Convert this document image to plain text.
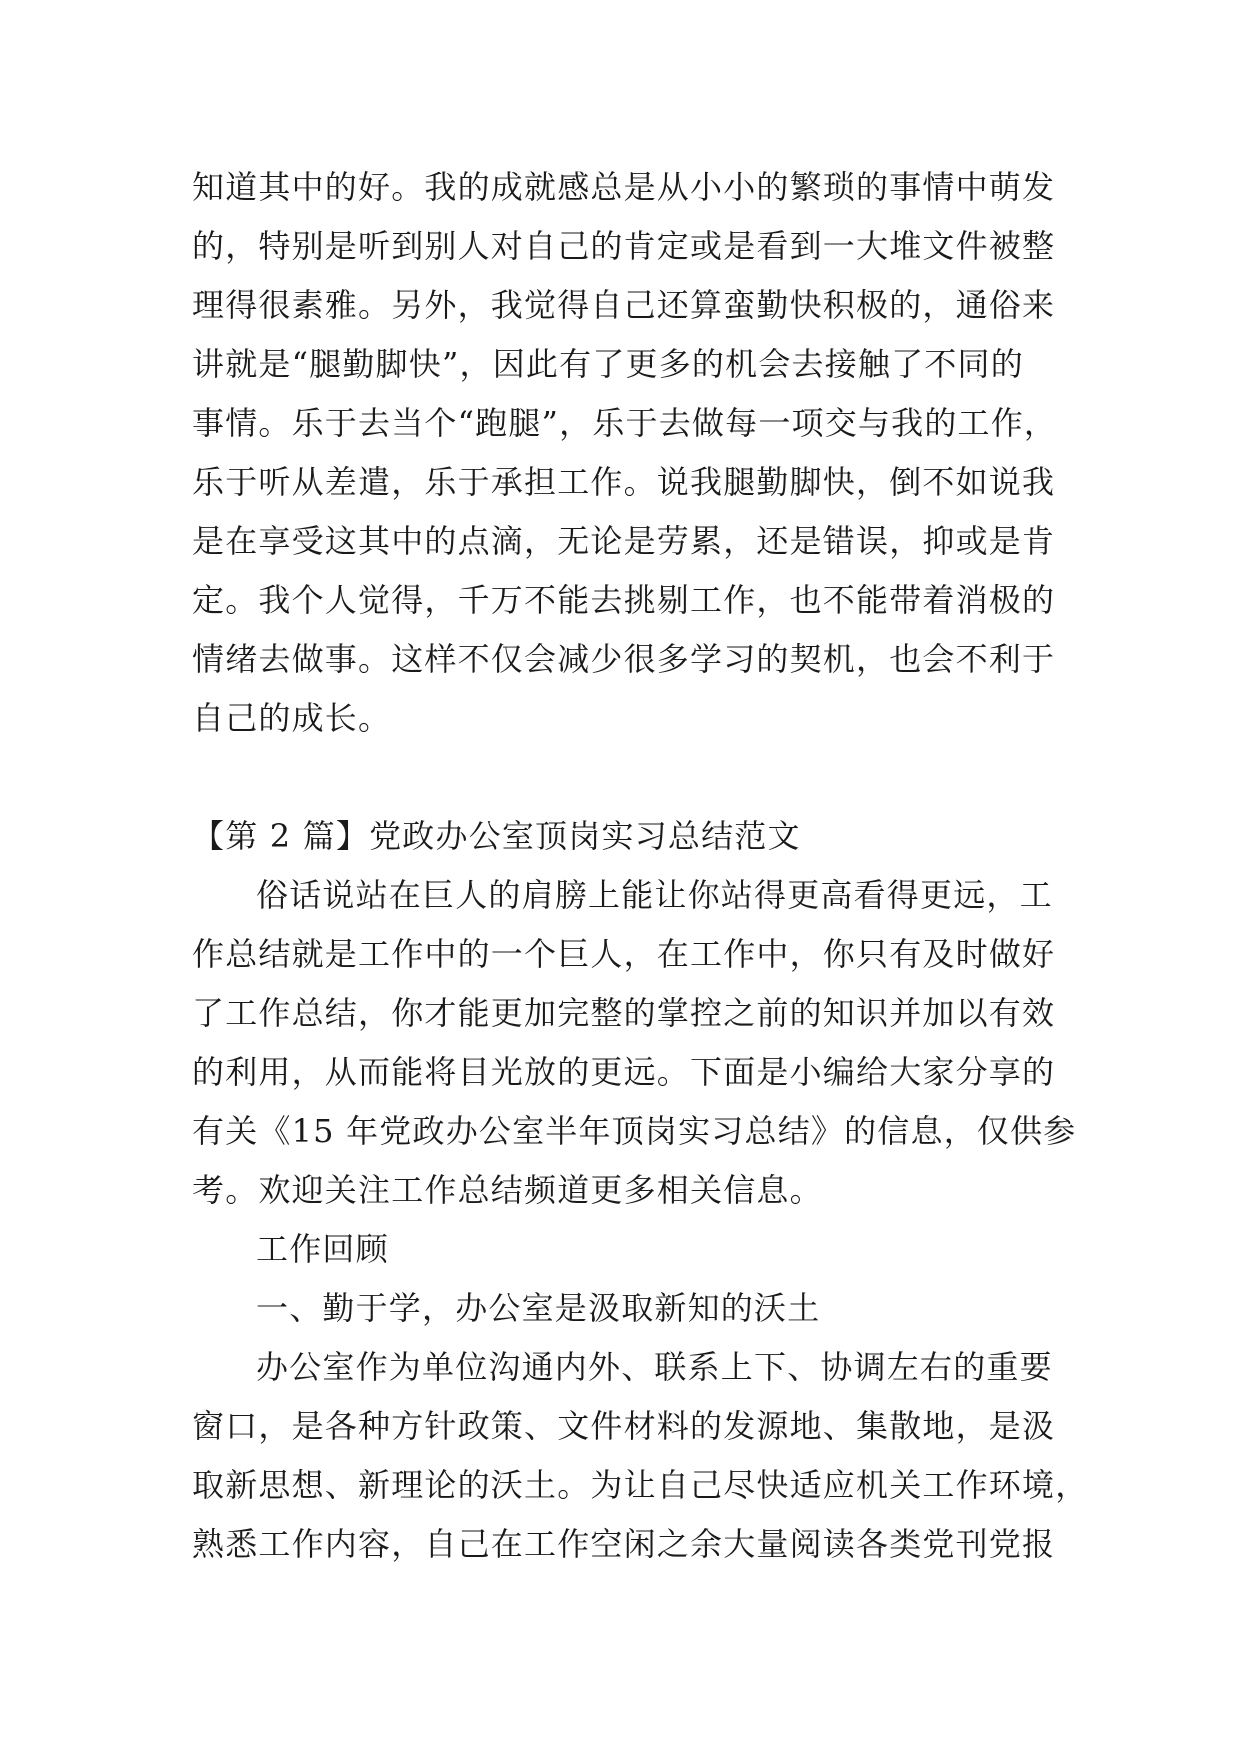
知道其中的好。我的成就感总是从小小的繁琐的事情中萌发
的，特别是听到别人对自己的肯定或是看到一大堆文件被整
理得很素雅。另外，我觉得自己还算蛮勤快积极的，通俗来
讲就是“腿勤脚快”，因此有了更多的机会去接触了不同的
事情。乐于去当个“跑腿”，乐于去做每一项交与我的工作，
乐于听从差遣，乐于承担工作。说我腿勤脚快，倒不如说我
是在享受这其中的点滴，无论是劳累，还是错误，抑或是肯
定。我个人觉得，千万不能去挑剔工作，也不能带着消极的
情绪去做事。这样不仅会减少很多学习的契机，也会不利于
自己的成长。
【第 2 篇】党政办公室顶岗实习总结范文
俗话说站在巨人的肩膀上能让你站得更高看得更远，工
作总结就是工作中的一个巨人，在工作中，你只有及时做好
了工作总结，你才能更加完整的掌控之前的知识并加以有效
的利用，从而能将目光放的更远。下面是小编给大家分享的
有关《15 年党政办公室半年顶岗实习总结》的信息，仅供参
考。欢迎关注工作总结频道更多相关信息。
工作回顾
一、勤于学，办公室是汲取新知的沃土
办公室作为单位沟通内外、联系上下、协调左右的重要
窗口，是各种方针政策、文件材料的发源地、集散地，是汲
取新思想、新理论的沃土。为让自己尽快适应机关工作环境，
熟悉工作内容，自己在工作空闲之余大量阅读各类党刊党报
